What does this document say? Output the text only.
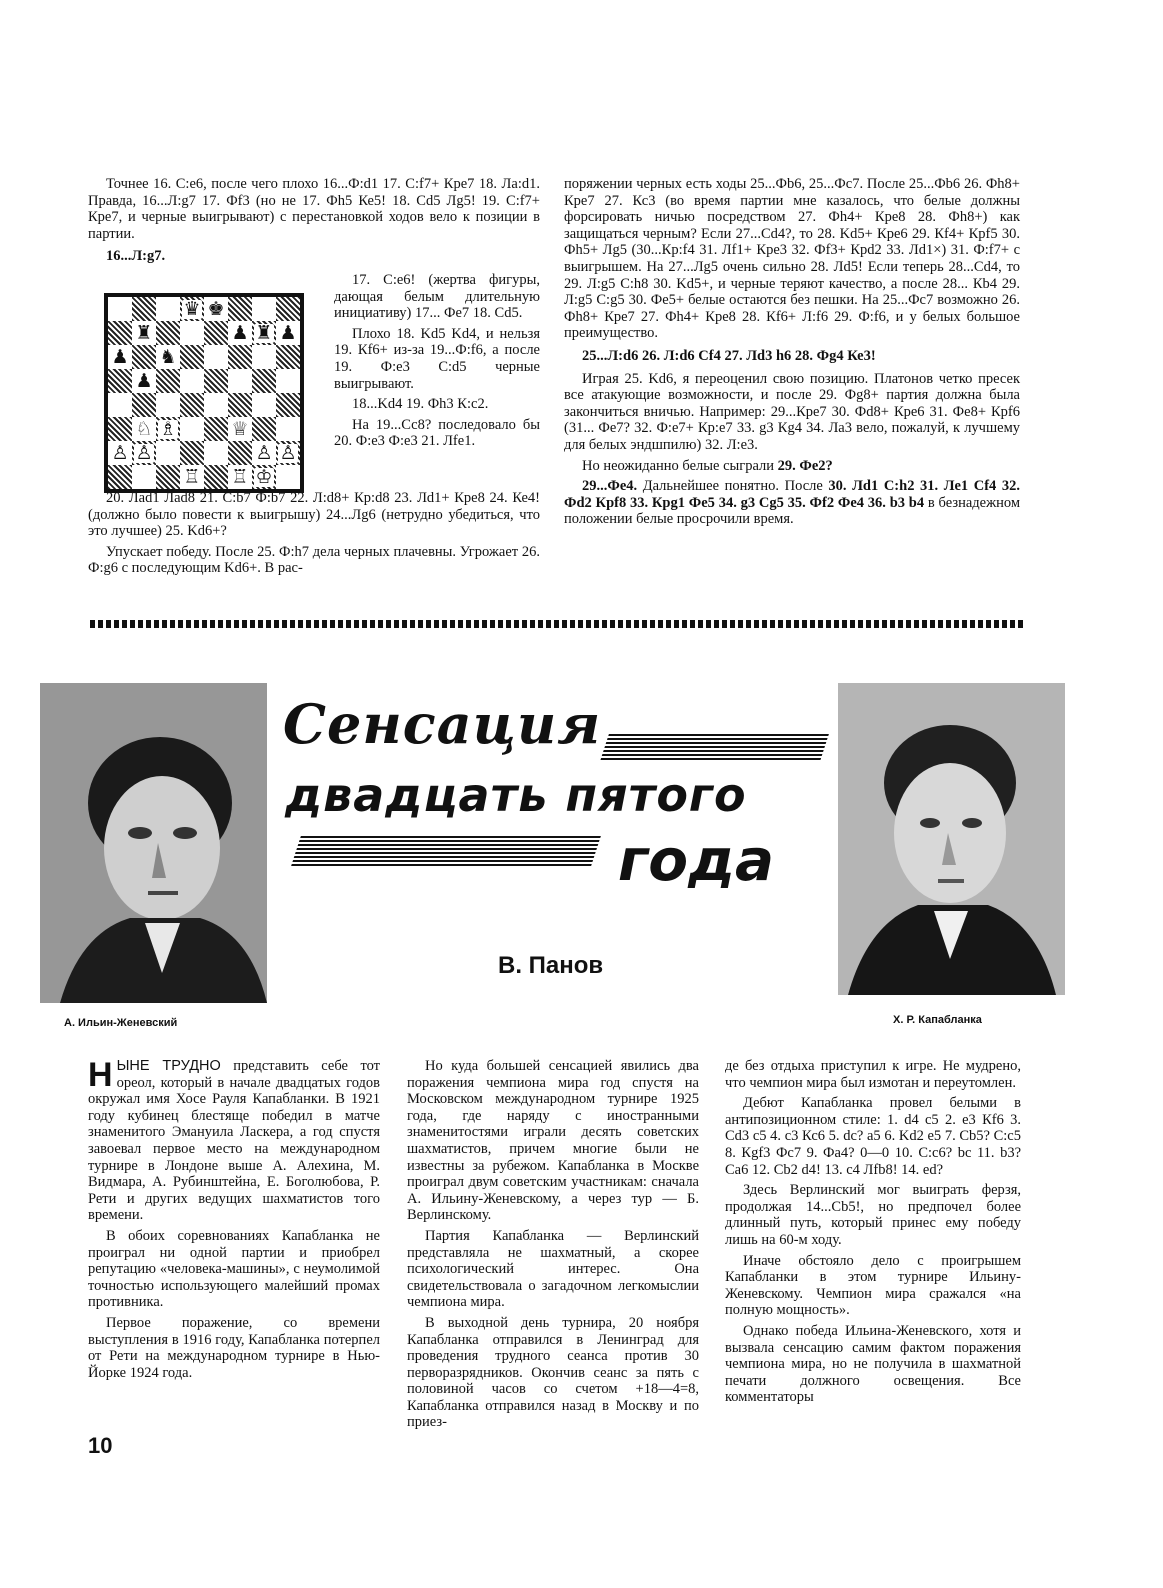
Точнее 16. С:е6, после чего плохо 16...Ф:d1 17. С:f7+ Кре7 18. Ла:d1. Правда, 16...Л:g7 17. Фf3 (но не 17. Фh5 Ке5! 18. Cd5 Лg5! 19. С:f7+ Кре7, и черные выигрывают) с перестановкой ходов вело к позиции в партии.

16...Л:g7.
♛ ♚
♜	♟ ♜ ♟
♟ ♞
♟
♘ ♗	♕
♙ ♙	♙ ♙
♖ ♖ ♔

17. С:е6! (жертва фигуры, дающая белым длительную инициативу) 17... Фе7 18. Cd5.

Плохо 18. Kd5 Kd4, и нельзя 19. Кf6+ из-за 19...Ф:f6, а после 19. Ф:е3 С:d5 черные выигрывают.

18...Kd4 19. Фh3 К:с2.

На 19...Сс8? последовало бы 20. Ф:е3 Ф:е3 21. Лfе1.

20. Лad1 Лad8 21. С:b7 Ф:b7 22. Л:d8+ Кр:d8 23. Лd1+ Кре8 24. Ке4! (должно было повести к выигрышу) 24...Лg6 (нетрудно убедиться, что это лучшее) 25. Kd6+?

Упускает победу. После 25. Ф:h7 дела черных плачевны. Угрожает 26. Ф:g6 с последующим Kd6+. В рас-

поряжении черных есть ходы 25...Фb6, 25...Фс7. После 25...Фb6 26. Фh8+ Кре7 27. Кс3 (во время партии мне казалось, что белые должны форсировать ничью посредством 27. Фh4+ Кре8 28. Фh8+) как защищаться черным? Если 27...Cd4?, то 28. Kd5+ Кре6 29. Кf4+ Крf5 30. Фh5+ Лg5 (30...Кр:f4 31. Лf1+ Кре3 32. Фf3+ Крd2 33. Лd1×) 31. Ф:f7+ с выигрышем. На 27...Лg5 очень сильно 28. Лd5! Если теперь 28...Cd4, то 29. Л:g5 С:h8 30. Kd5+, и черные теряют качество, а после 28... Кb4 29. Л:g5 С:g5 30. Фе5+ белые остаются без пешки. На 25...Фс7 возможно 26. Фh8+ Кре7 27. Фh4+ Кре8 28. Кf6+ Л:f6 29. Ф:f6, и у белых большое преимущество.

25...Л:d6 26. Л:d6 Cf4 27. Лd3 h6 28. Фg4 Ке3!

Играя 25. Kd6, я переоценил свою позицию. Платонов четко пресек все атакующие возможности, и после 29. Фg8+ партия должна была закончиться вничью. Например: 29...Кре7 30. Фd8+ Кре6 31. Фе8+ Крf6 (31... Фе7? 32. Ф:е7+ Кр:е7 33. g3 Кg4 34. Ла3 вело, пожалуй, к лучшему для белых эндшпилю) 32. Л:е3.

Но неожиданно белые сыграли 29. Фе2?

29...Фе4. Дальнейшее понятно. После 30. Лd1 С:h2 31. Ле1 Cf4 32. Фd2 Крf8 33. Крg1 Фе5 34. g3 Cg5 35. Фf2 Фе4 36. b3 b4 в безнадежном положении белые просрочили время.

А. Ильин-Женевский	Х. Р. Капабланка
Сенсация
двадцать пятого
года
В. Панов

НЫНЕ ТРУДНО представить себе тот ореол, который в начале двадцатых годов окружал имя Хосе Рауля Капабланки. В 1921 году кубинец блестяще победил в матче знаменитого Эмануила Ласкера, а год спустя завоевал первое место на международном турнире в Лондоне выше А. Алехина, М. Видмара, А. Рубинштейна, Е. Боголюбова, Р. Рети и других ведущих шахматистов того времени.

В обоих соревнованиях Капабланка не проиграл ни одной партии и приобрел репутацию «человека-машины», с неумолимой точностью использующего малейший промах противника.

Первое поражение, со времени выступления в 1916 году, Капабланка потерпел от Рети на международном турнире в Нью-Йорке 1924 года.

Но куда большей сенсацией явились два поражения чемпиона мира год спустя на Московском международном турнире 1925 года, где наряду с иностранными знаменитостями играли десять советских шахматистов, причем многие были не известны за рубежом. Капабланка в Москве проиграл двум советским участникам: сначала А. Ильину-Женевскому, а через тур — Б. Верлинскому.

Партия Капабланка — Верлинский представляла не шахматный, а скорее психологический интерес. Она свидетельствовала о загадочном легкомыслии чемпиона мира.

В выходной день турнира, 20 ноября Капабланка отправился в Ленинград для проведения трудного сеанса против 30 перворазрядников. Окончив сеанс за пять с половиной часов со счетом +18—4=8, Капабланка отправился назад в Москву и по приез-

де без отдыха приступил к игре. Не мудрено, что чемпион мира был измотан и переутомлен.

Дебют Капабланка провел белыми в антипозиционном стиле: 1. d4 c5 2. е3 Кf6 3. Cd3 c5 4. с3 Кс6 5. dc? а5 6. Kd2 е5 7. Cb5? С:с5 8. Кgf3 Фс7 9. Фа4? 0—0 10. С:с6? bc 11. b3? Са6 12. Cb2 d4! 13. с4 Лfb8! 14. ed?

Здесь Верлинский мог выиграть ферзя, продолжая 14...Cb5!, но предпочел более длинный путь, который принес ему победу лишь на 60-м ходу.

Иначе обстояло дело с проигрышем Капабланки в этом турнире Ильину-Женевскому. Чемпион мира сражался «на полную мощность».

Однако победа Ильина-Женевского, хотя и вызвала сенсацию самим фактом поражения чемпиона мира, но не получила в шахматной печати должного освещения. Все комментаторы

10
